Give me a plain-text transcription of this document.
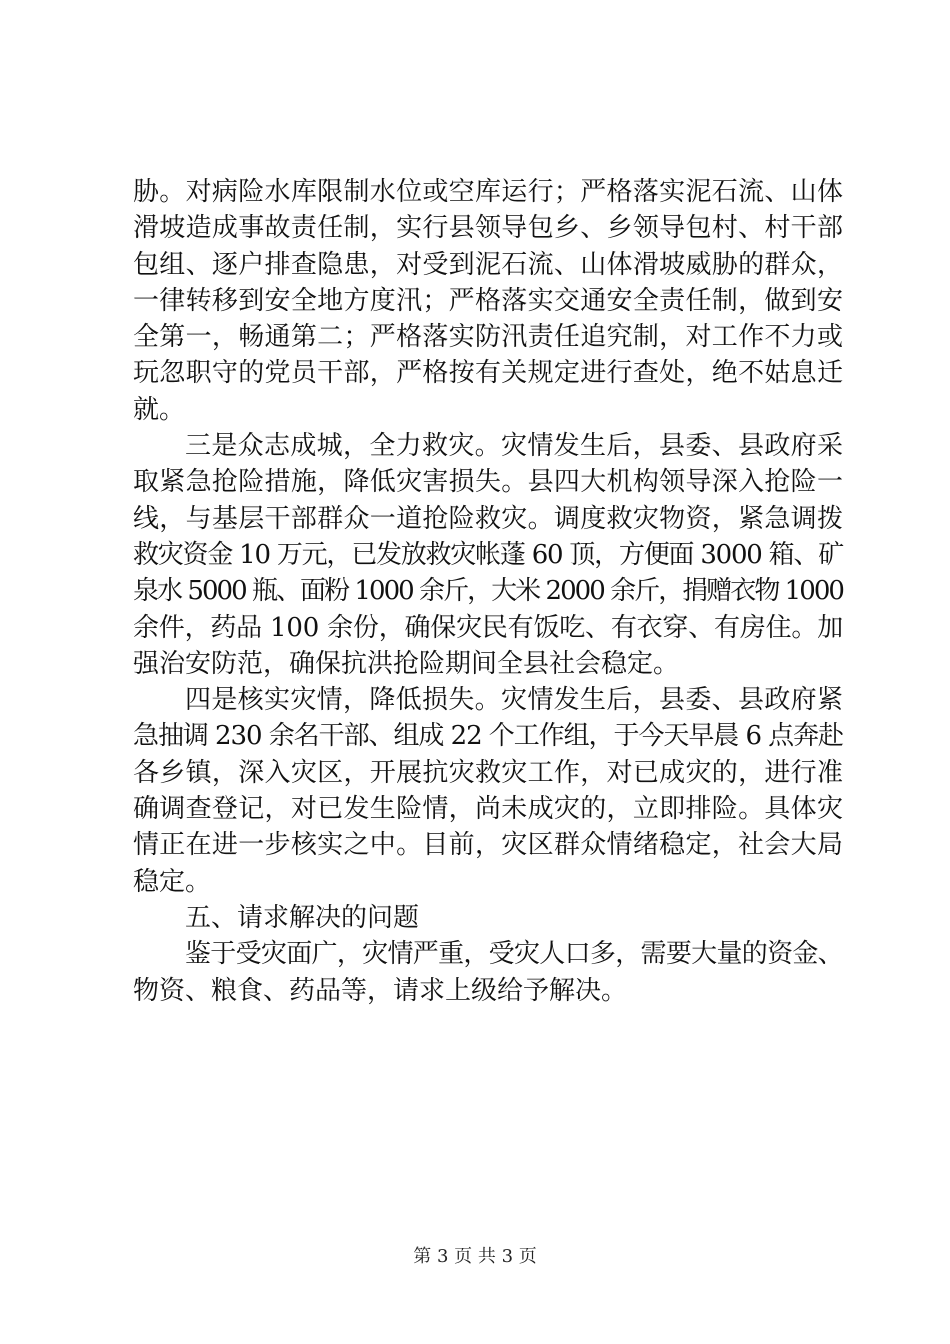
胁。对病险水库限制水位或空库运行；严格落实泥石流、山体
滑坡造成事故责任制，实行县领导包乡、乡领导包村、村干部
包组、逐户排查隐患，对受到泥石流、山体滑坡威胁的群众，
一律转移到安全地方度汛；严格落实交通安全责任制，做到安
全第一，畅通第二；严格落实防汛责任追究制，对工作不力或
玩忽职守的党员干部，严格按有关规定进行查处，绝不姑息迁
就。
三是众志成城，全力救灾。灾情发生后，县委、县政府采
取紧急抢险措施，降低灾害损失。县四大机构领导深入抢险一
线，与基层干部群众一道抢险救灾。调度救灾物资，紧急调拨
救灾资金 10 万元，已发放救灾帐蓬 60 顶，方便面 3000 箱、矿
泉水 5000 瓶、面粉 1000 余斤，大米 2000 余斤，捐赠衣物 1000
余件，药品 100 余份，确保灾民有饭吃、有衣穿、有房住。加
强治安防范，确保抗洪抢险期间全县社会稳定。
四是核实灾情，降低损失。灾情发生后，县委、县政府紧
急抽调 230 余名干部、组成 22 个工作组，于今天早晨 6 点奔赴
各乡镇，深入灾区，开展抗灾救灾工作，对已成灾的，进行准
确调查登记，对已发生险情，尚未成灾的，立即排险。具体灾
情正在进一步核实之中。目前，灾区群众情绪稳定，社会大局
稳定。
五、请求解决的问题
鉴于受灾面广，灾情严重，受灾人口多，需要大量的资金、
物资、粮食、药品等，请求上级给予解决。
第 3 页 共 3 页
